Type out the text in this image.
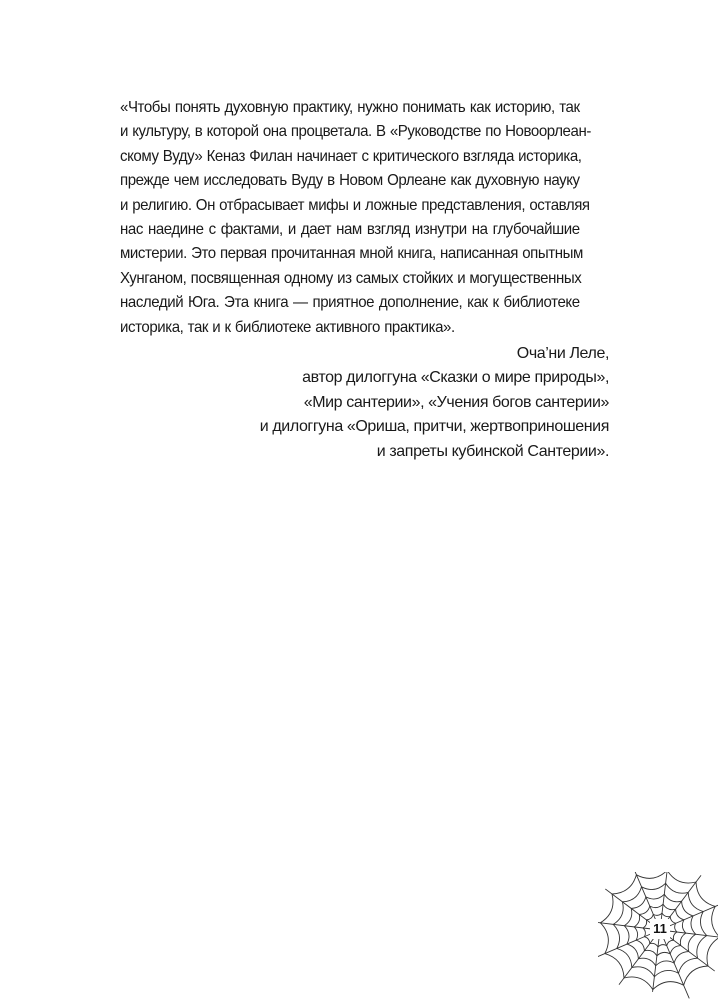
«Чтобы понять духовную практику, нужно понимать как историю, так
и культуру, в которой она процветала. В «Руководстве по Новоорлеан-
скому Вуду» Кеназ Филан начинает с критического взгляда историка,
прежде чем исследовать Вуду в Новом Орлеане как духовную науку
и религию. Он отбрасывает мифы и ложные представления, оставляя
нас наедине с фактами, и дает нам взгляд изнутри на глубочайшие
мистерии. Это первая прочитанная мной книга, написанная опытным
Хунганом, посвященная одному из самых стойких и могущественных
наследий Юга. Эта книга — приятное дополнение, как к библиотеке
историка, так и к библиотеке активного практика».
Оча’ни Леле,
автор дилоггуна «Сказки о мире природы»,
«Мир сантерии», «Учения богов сантерии»
и дилоггуна «Ориша, притчи, жертвоприношения
и запреты кубинской Сантерии».
11
